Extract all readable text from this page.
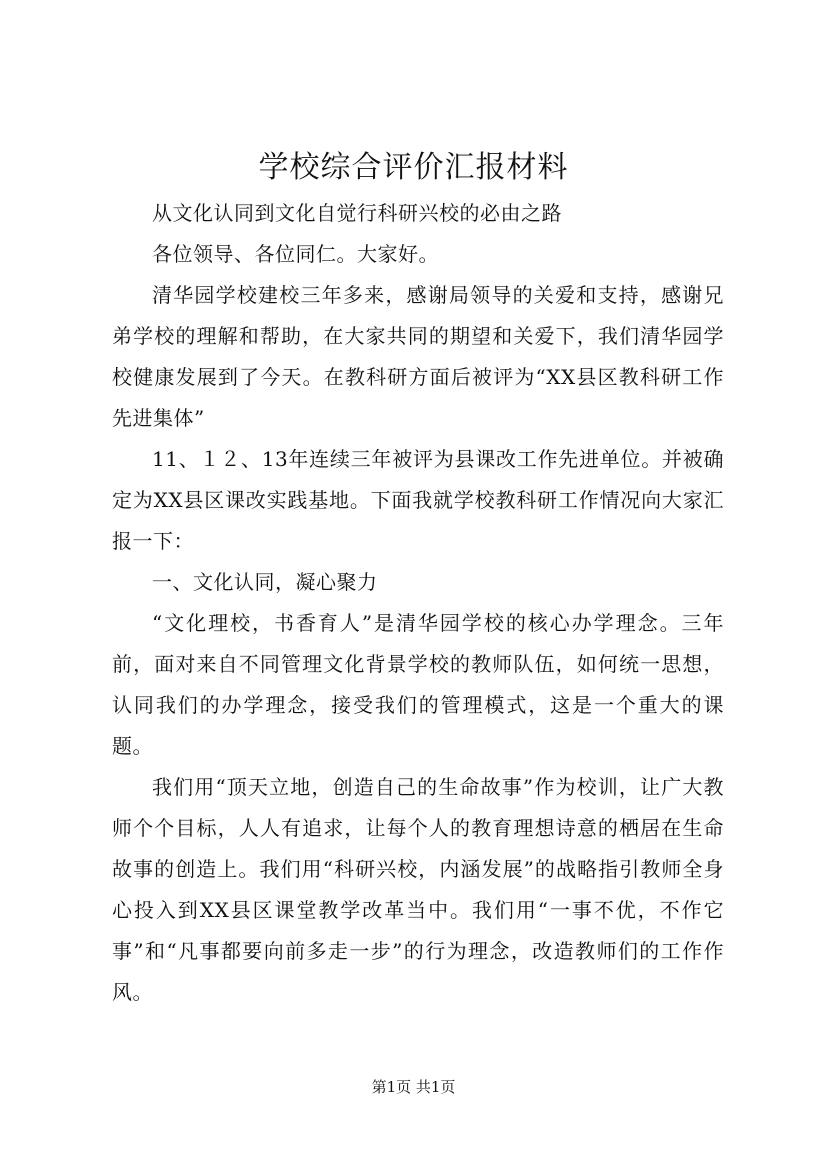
学校综合评价汇报材料

从文化认同到文化自觉行科研兴校的必由之路

各位领导、各位同仁。大家好。

清华园学校建校三年多来，感谢局领导的关爱和支持，感谢兄弟学校的理解和帮助，在大家共同的期望和关爱下，我们清华园学校健康发展到了今天。在教科研方面后被评为“XX县区教科研工作先进集体”

11、１２、13年连续三年被评为县课改工作先进单位。并被确定为XX县区课改实践基地。下面我就学校教科研工作情况向大家汇报一下：

一、文化认同，凝心聚力

“文化理校，书香育人”是清华园学校的核心办学理念。三年前，面对来自不同管理文化背景学校的教师队伍，如何统一思想，认同我们的办学理念，接受我们的管理模式，这是一个重大的课题。

我们用“顶天立地，创造自己的生命故事”作为校训，让广大教师个个目标，人人有追求，让每个人的教育理想诗意的栖居在生命故事的创造上。我们用“科研兴校，内涵发展”的战略指引教师全身心投入到XX县区课堂教学改革当中。我们用“一事不优，不作它事”和“凡事都要向前多走一步”的行为理念，改造教师们的工作作风。

第1页 共1页
